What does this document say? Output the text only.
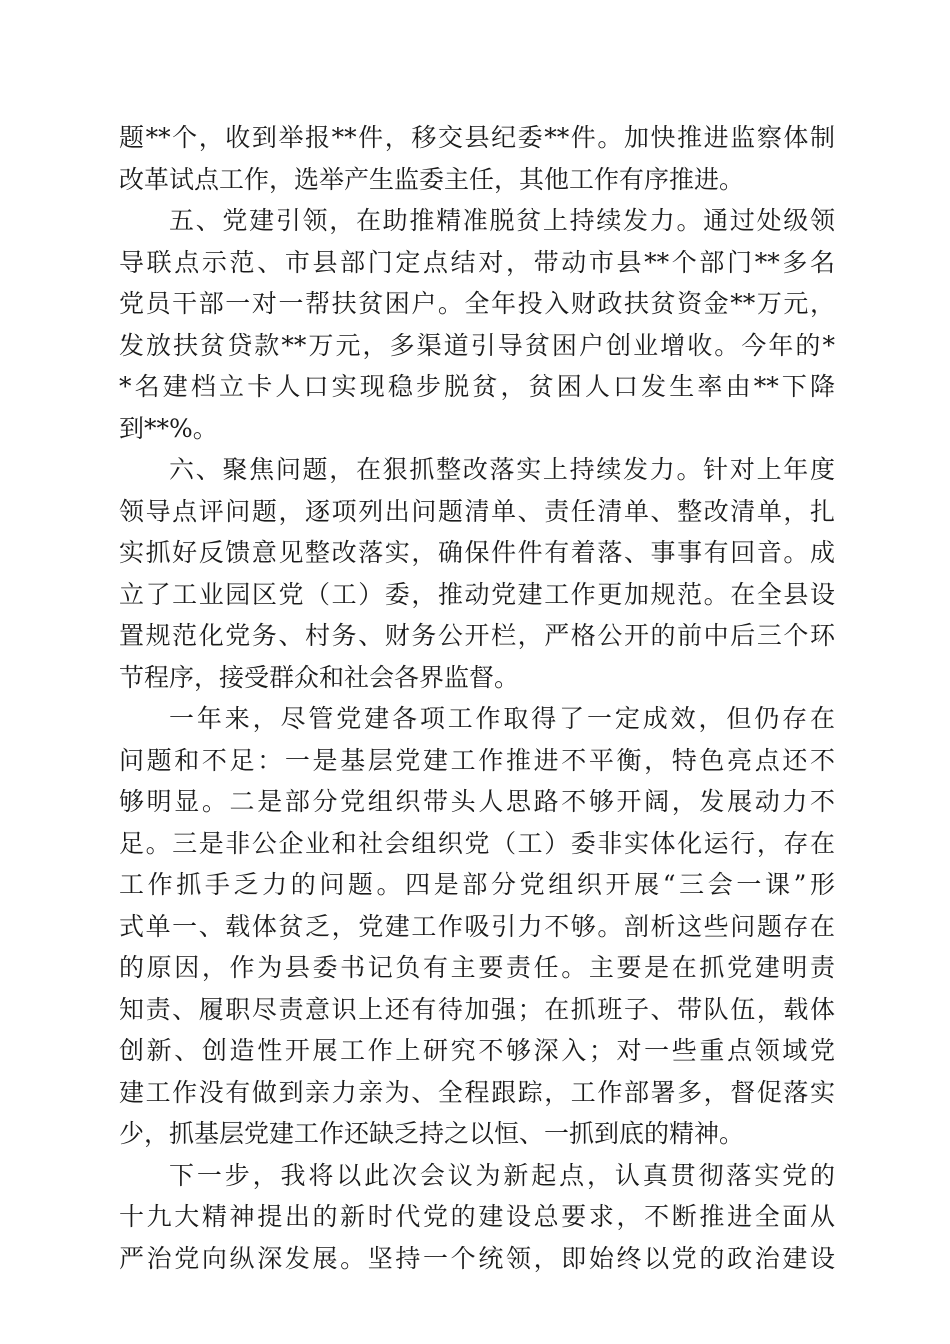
题**个，收到举报**件，移交县纪委**件。加快推进监察体制
改革试点工作，选举产生监委主任，其他工作有序推进。
五、党建引领，在助推精准脱贫上持续发力。通过处级领
导联点示范、市县部门定点结对，带动市县**个部门**多名
党员干部一对一帮扶贫困户。全年投入财政扶贫资金**万元，
发放扶贫贷款**万元，多渠道引导贫困户创业增收。今年的*
*名建档立卡人口实现稳步脱贫，贫困人口发生率由**下降
到**%。
六、聚焦问题，在狠抓整改落实上持续发力。针对上年度
领导点评问题，逐项列出问题清单、责任清单、整改清单，扎
实抓好反馈意见整改落实，确保件件有着落、事事有回音。成
立了工业园区党（工）委，推动党建工作更加规范。在全县设
置规范化党务、村务、财务公开栏，严格公开的前中后三个环
节程序，接受群众和社会各界监督。
一年来，尽管党建各项工作取得了一定成效，但仍存在
问题和不足：一是基层党建工作推进不平衡，特色亮点还不
够明显。二是部分党组织带头人思路不够开阔，发展动力不
足。三是非公企业和社会组织党（工）委非实体化运行，存在
工作抓手乏力的问题。四是部分党组织开展“三会一课”形
式单一、载体贫乏，党建工作吸引力不够。剖析这些问题存在
的原因，作为县委书记负有主要责任。主要是在抓党建明责
知责、履职尽责意识上还有待加强；在抓班子、带队伍，载体
创新、创造性开展工作上研究不够深入；对一些重点领域党
建工作没有做到亲力亲为、全程跟踪，工作部署多，督促落实
少，抓基层党建工作还缺乏持之以恒、一抓到底的精神。
下一步，我将以此次会议为新起点，认真贯彻落实党的
十九大精神提出的新时代党的建设总要求，不断推进全面从
严治党向纵深发展。坚持一个统领，即始终以党的政治建设
